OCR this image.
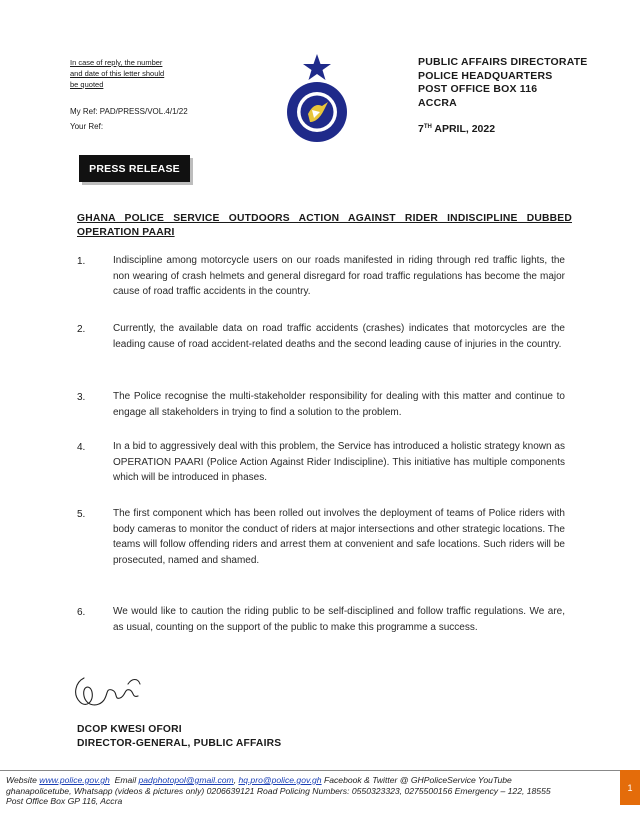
In case of reply, the number and date of this letter should be quoted
My Ref: PAD/PRESS/VOL.4/1/22
Your Ref:
PUBLIC AFFAIRS DIRECTORATE
POLICE HEADQUARTERS
POST OFFICE BOX 116
ACCRA
7TH APRIL, 2022
PRESS RELEASE
GHANA POLICE SERVICE OUTDOORS ACTION AGAINST RIDER INDISCIPLINE DUBBED OPERATION PAARI
1.	Indiscipline among motorcycle users on our roads manifested in riding through red traffic lights, the non wearing of crash helmets and general disregard for road traffic regulations has become the major cause of road traffic accidents in the country.
2.	Currently, the available data on road traffic accidents (crashes) indicates that motorcycles are the leading cause of road accident-related deaths and the second leading cause of injuries in the country.
3.	The Police recognise the multi-stakeholder responsibility for dealing with this matter and continue to engage all stakeholders in trying to find a solution to the problem.
4.	In a bid to aggressively deal with this problem, the Service has introduced a holistic strategy known as OPERATION PAARI (Police Action Against Rider Indiscipline). This initiative has multiple components which will be introduced in phases.
5.	The first component which has been rolled out involves the deployment of teams of Police riders with body cameras to monitor the conduct of riders at major intersections and other strategic locations. The teams will follow offending riders and arrest them at convenient and safe locations. Such riders will be prosecuted, named and shamed.
6.	We would like to caution the riding public to be self-disciplined and follow traffic regulations. We are, as usual, counting on the support of the public to make this programme a success.
DCOP KWESI OFORI
DIRECTOR-GENERAL, PUBLIC AFFAIRS
Website www.police.gov.gh Email padphotopol@gmail.com, hq.pro@police.gov.gh Facebook & Twitter @ GHPoliceService YouTube
ghanapolicetube, Whatsapp (videos & pictures only) 0206639121 Road Policing Numbers: 0550323323, 0275500156 Emergency – 122, 18555
Post Office Box GP 116, Accra
1
